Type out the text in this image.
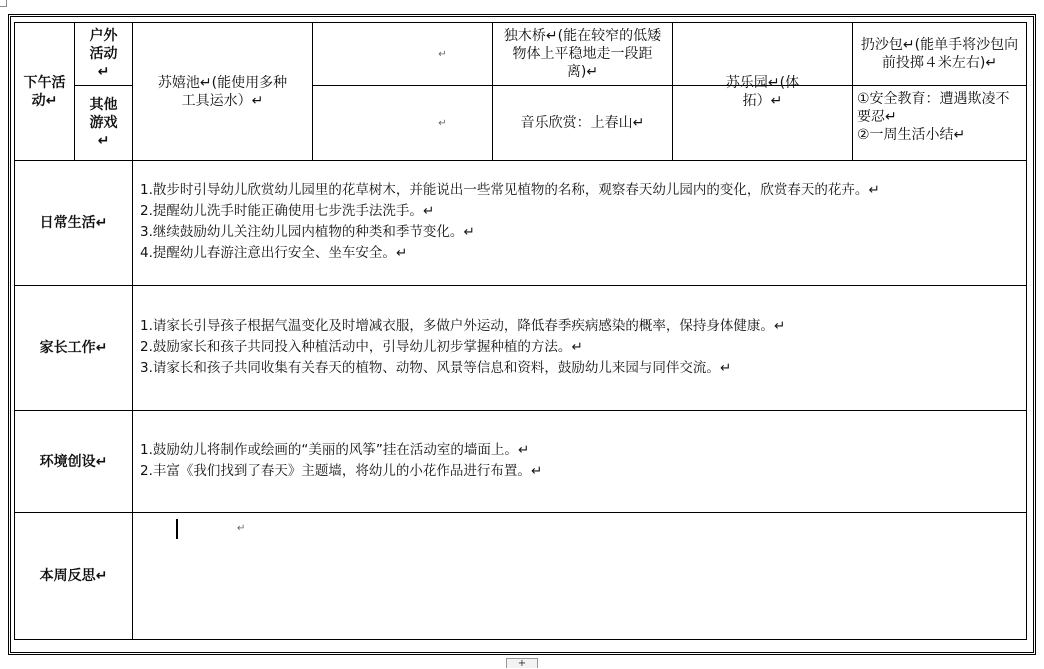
下午活动↵
户外活动↵
其他游戏↵
苏嬉池↵(能使用多种工具运水）↵
↵
↵
独木桥↵(能在较窄的低矮物体上平稳地走一段距离)↵
音乐欣赏：上春山↵
苏乐园↵(体拓）↵
扔沙包↵(能单手将沙包向前投掷４米左右)↵
①安全教育：遭遇欺凌不要忍↵
②一周生活小结↵
日常生活↵
1.散步时引导幼儿欣赏幼儿园里的花草树木，并能说出一些常见植物的名称，观察春天幼儿园内的变化，欣赏春天的花卉。↵
2.提醒幼儿洗手时能正确使用七步洗手法洗手。↵
3.继续鼓励幼儿关注幼儿园内植物的种类和季节变化。↵
4.提醒幼儿春游注意出行安全、坐车安全。↵
家长工作↵
1.请家长引导孩子根据气温变化及时增减衣服，多做户外运动，降低春季疾病感染的概率，保持身体健康。↵
2.鼓励家长和孩子共同投入种植活动中，引导幼儿初步掌握种植的方法。↵
3.请家长和孩子共同收集有关春天的植物、动物、风景等信息和资料，鼓励幼儿来园与同伴交流。↵
环境创设↵
1.鼓励幼儿将制作或绘画的“美丽的风筝”挂在活动室的墙面上。↵
2.丰富《我们找到了春天》主题墙，将幼儿的小花作品进行布置。↵
本周反思↵
↵
+
